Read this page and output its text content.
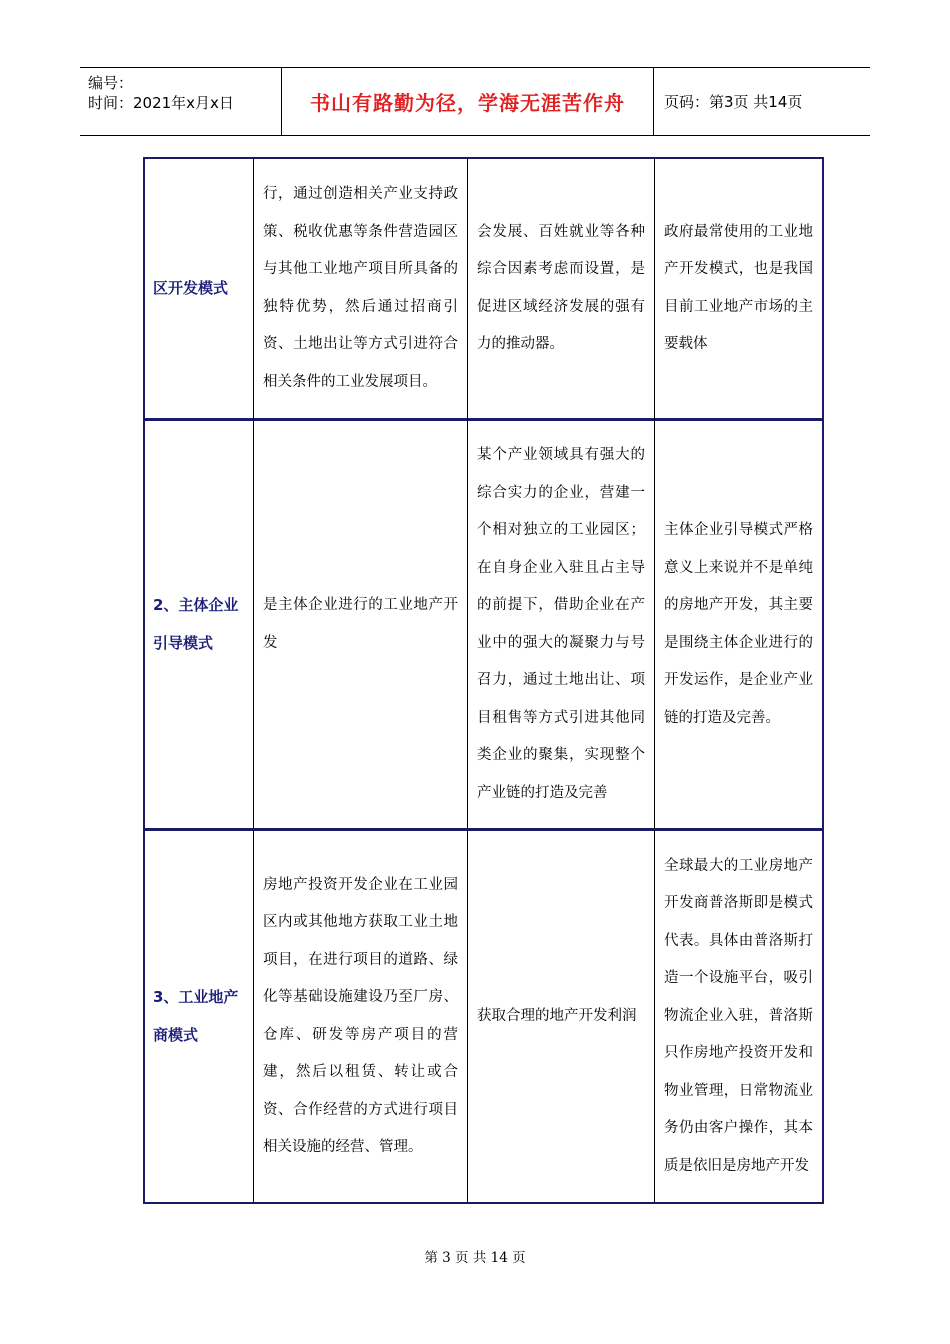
编号：
时间：2021年x月x日	书山有路勤为径，学海无涯苦作舟	页码：第3页 共14页
区开发模式
行，通过创造相关产业支持政策、税收优惠等条件营造园区与其他工业地产项目所具备的独特优势，然后通过招商引资、土地出让等方式引进符合相关条件的工业发展项目。
会发展、百姓就业等各种综合因素考虑而设置，是促进区域经济发展的强有力的推动器。
政府最常使用的工业地产开发模式，也是我国目前工业地产市场的主要载体
2、主体企业引导模式
是主体企业进行的工业地产开发
某个产业领域具有强大的综合实力的企业，营建一个相对独立的工业园区；在自身企业入驻且占主导的前提下，借助企业在产业中的强大的凝聚力与号召力，通过土地出让、项目租售等方式引进其他同类企业的聚集，实现整个产业链的打造及完善
主体企业引导模式严格意义上来说并不是单纯的房地产开发，其主要是围绕主体企业进行的开发运作，是企业产业链的打造及完善。
3、工业地产商模式
房地产投资开发企业在工业园区内或其他地方获取工业土地项目，在进行项目的道路、绿化等基础设施建设乃至厂房、仓库、研发等房产项目的营建，然后以租赁、转让或合资、合作经营的方式进行项目相关设施的经营、管理。
获取合理的地产开发利润
全球最大的工业房地产开发商普洛斯即是模式代表。具体由普洛斯打造一个设施平台，吸引物流企业入驻，普洛斯只作房地产投资开发和物业管理，日常物流业务仍由客户操作，其本质是依旧是房地产开发
第 3 页 共 14 页
